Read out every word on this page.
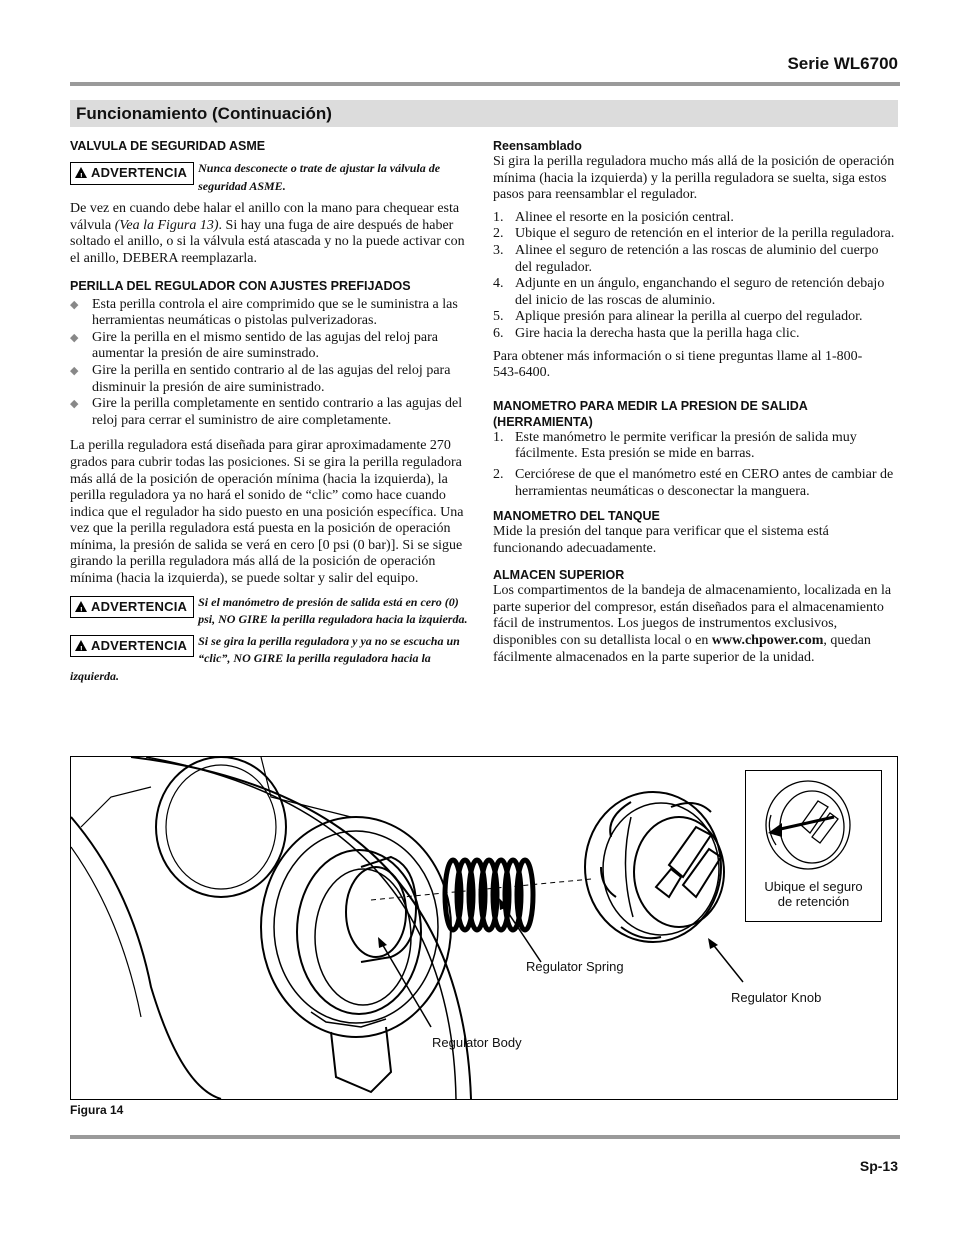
Serie WL6700
Funcionamiento (Continuación)
VALVULA DE SEGURIDAD ASME
! ADVERTENCIA Nunca desconecte o trate de ajustar la válvula de seguridad ASME.

De vez en cuando debe halar el anillo con la mano para chequear esta válvula (Vea la Figura 13). Si hay una fuga de aire después de haber soltado el anillo, o si la válvula está atascada y no la puede activar con el anillo, DEBERA reemplazarla.

PERILLA DEL REGULADOR CON AJUSTES PREFIJADOS
◆ Esta perilla controla el aire comprimido que se le suministra a las herramientas neumáticas o pistolas pulverizadoras.
◆ Gire la perilla en el mismo sentido de las agujas del reloj para aumentar la presión de aire suminstrado.
◆ Gire la perilla en sentido contrario al de las agujas del reloj para disminuir la presión de aire suministrado.
◆ Gire la perilla completamente en sentido contrario a las agujas del reloj para cerrar el suministro de aire completamente.

La perilla reguladora está diseñada para girar aproximadamente 270 grados para cubrir todas las posiciones. Si se gira la perilla reguladora más allá de la posición de operación mínima (hacia la izquierda), la perilla reguladora ya no hará el sonido de “clic” como hace cuando indica que el regulador ha sido puesto en una posición específica. Una vez que la perilla reguladora está puesta en la posición de operación mínima, la presión de salida se verá en cero [0 psi (0 bar)]. Si se sigue girando la perilla reguladora más allá de la posición de operación mínima (hacia la izquierda), se puede soltar y salir del equipo.

! ADVERTENCIA Si el manómetro de presión de salida está en cero (0) psi, NO GIRE la perilla reguladora hacia la izquierda.
! ADVERTENCIA Si se gira la perilla reguladora y ya no se escucha un “clic”, NO GIRE la perilla reguladora hacia la izquierda.
Reensamblado

Si gira la perilla reguladora mucho más allá de la posición de operación mínima (hacia la izquierda) y la perilla reguladora se suelta, siga estos pasos para reensamblar el regulador.

1. Alinee el resorte en la posición central.
2. Ubique el seguro de retención en el interior de la perilla reguladora.
3. Alinee el seguro de retención a las roscas de aluminio del cuerpo del regulador.
4. Adjunte en un ángulo, enganchando el seguro de retención debajo del inicio de las roscas de aluminio.
5. Aplique presión para alinear la perilla al cuerpo del regulador.
6. Gire hacia la derecha hasta que la perilla haga clic.

Para obtener más información o si tiene preguntas llame al 1-800-543-6400.

MANOMETRO PARA MEDIR LA PRESION DE SALIDA (HERRAMIENTA)
1. Este manómetro le permite verificar la presión de salida muy fácilmente. Esta presión se mide en barras.
2. Cerciórese de que el manómetro esté en CERO antes de cambiar de herramientas neumáticas o desconectar la manguera.
MANOMETRO DEL TANQUE

Mide la presión del tanque para verificar que el sistema está funcionando adecuadamente.

ALMACEN SUPERIOR

Los compartimentos de la bandeja de almacenamiento, localizada en la parte superior del compresor, están diseñados para el almacenamiento fácil de instrumentos. Los juegos de instrumentos exclusivos, disponibles con su detallista local o en www.chpower.com, quedan fácilmente almacenados en la parte superior de la unidad.

Regulator Spring
Regulator Knob
Regulator Body
Ubique el seguro
de retención
Figura 14
Sp-13
